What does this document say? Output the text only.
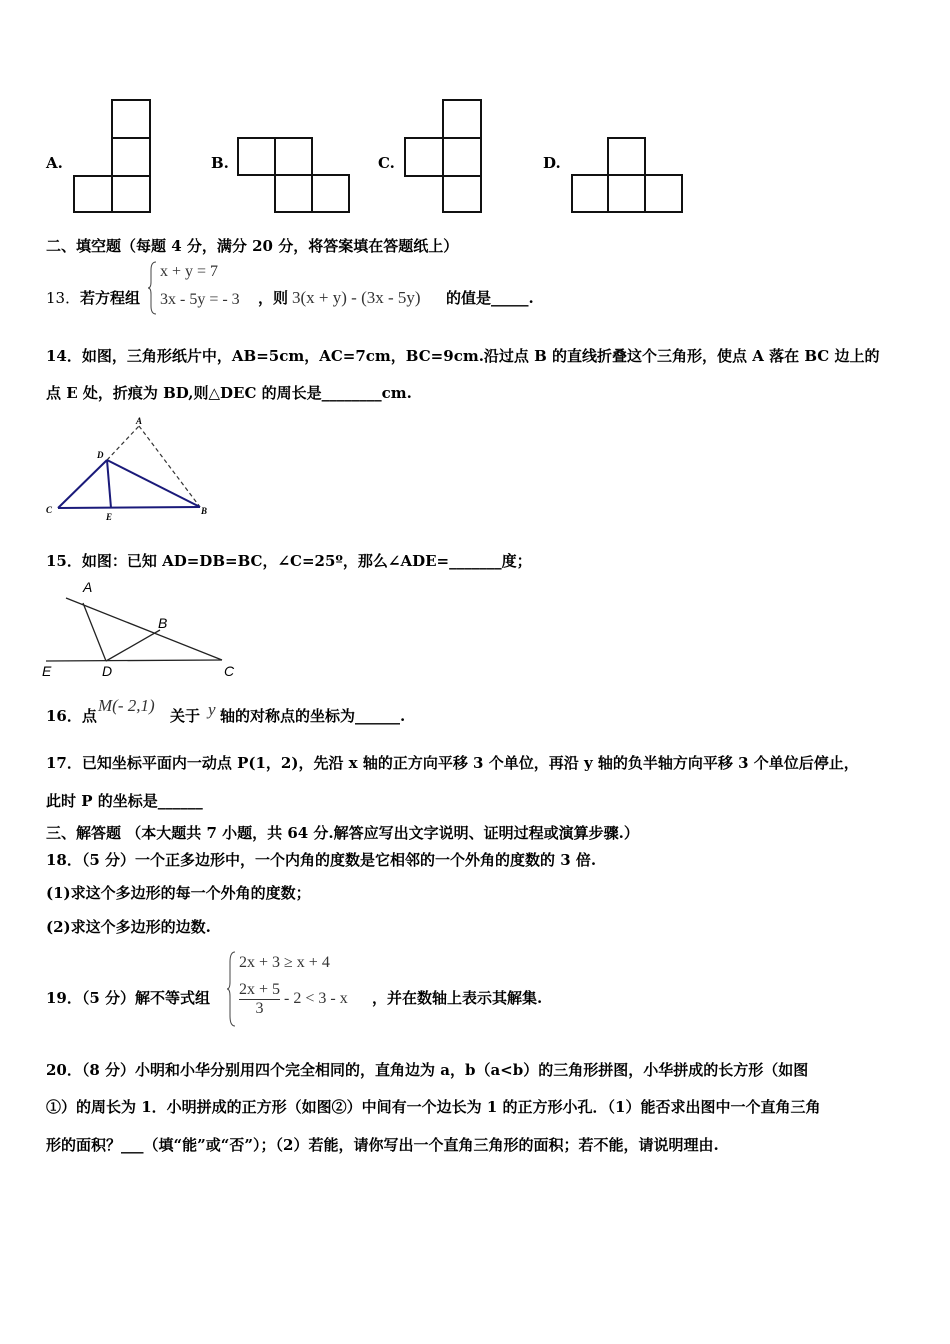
A.	B.	C.	D.
二、填空题（每题 4 分，满分 20 分，将答案填在答题纸上）
13． 若方程组
x + y = 7
3x - 5y = - 3 ，则 3(x + y) - (3x - 5y) 的值是_____.
14．如图，三角形纸片中，AB=5cm，AC=7cm，BC=9cm.沿过点 B 的直线折叠这个三角形，使点 A 落在 BC 边上的
点 E 处，折痕为 BD,则△DEC 的周长是________cm.
A
D
C
E
B
15．如图：已知 AD=DB=BC，∠C=25º，那么∠ADE=_______度；
A
B
E	D	C
16．点
M(- 2,1)
关于 y 轴的对称点的坐标为______.
17．已知坐标平面内一动点 P(1，2)，先沿 x 轴的正方向平移 3 个单位，再沿 y 轴的负半轴方向平移 3 个单位后停止，
此时 P 的坐标是______
三、解答题 （本大题共 7 小题，共 64 分.解答应写出文字说明、证明过程或演算步骤.）
18．（5 分）一个正多边形中，一个内角的度数是它相邻的一个外角的度数的 3 倍.
(1)求这个多边形的每一个外角的度数；
(2)求这个多边形的边数.
19．（5 分）解不等式组
2x + 3 ≥ x + 4
$\frac{2x + 5}{3} - 2 < 3 - x$ ，并在数轴上表示其解集.
20．（8 分）小明和小华分别用四个完全相同的，直角边为 a，b（a<b）的三角形拼图，小华拼成的长方形（如图
①）的周长为 1．小明拼成的正方形（如图②）中间有一个边长为 1 的正方形小孔．（1）能否求出图中一个直角三角
形的面积？___（填“能”或“否”）；（2）若能，请你写出一个直角三角形的面积；若不能，请说明理由.
